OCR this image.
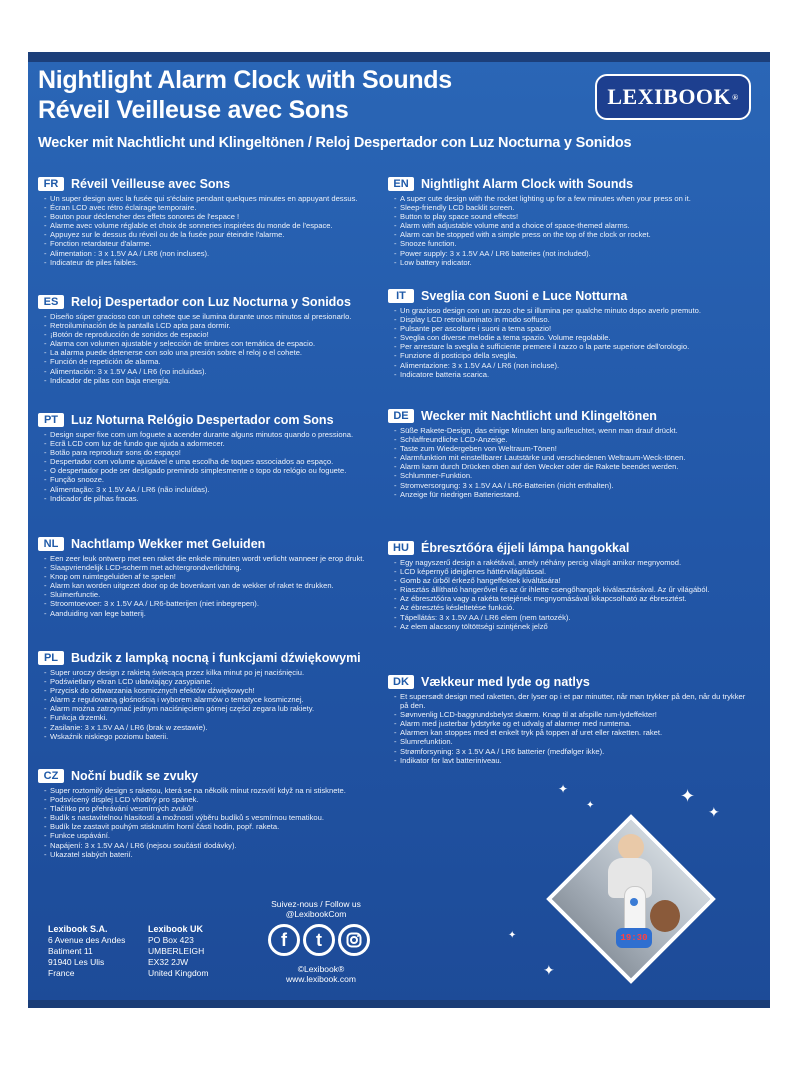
Nightlight Alarm Clock with Sounds
Réveil Veilleuse avec Sons
Wecker mit Nachtlicht und Klingeltönen / Reloj Despertador con Luz Nocturna y Sonidos
LEXIBOOK ®
FR	Réveil Veilleuse avec Sons
- Un super design avec la fusée qui s'éclaire pendant quelques minutes en appuyant dessus.
- Écran LCD avec rétro éclairage temporaire.
- Bouton pour déclencher des effets sonores de l'espace !
- Alarme avec volume réglable et choix de sonneries inspirées du monde de l'espace.
- Appuyez sur le dessus du réveil ou de la fusée pour éteindre l'alarme.
- Fonction retardateur d'alarme.
- Alimentation : 3 x 1.5V AA / LR6 (non incluses).
- Indicateur de piles faibles.
ES	Reloj Despertador con Luz Nocturna y Sonidos
- Diseño súper gracioso con un cohete que se ilumina durante unos minutos al presionarlo.
- Retroiluminación de la pantalla LCD apta para dormir.
- ¡Botón de reproducción de sonidos de espacio!
- Alarma con volumen ajustable y selección de timbres con temática de espacio.
- La alarma puede detenerse con solo una presión sobre el reloj o el cohete.
- Función de repetición de alarma.
- Alimentación: 3 x 1.5V AA / LR6 (no incluidas).
- Indicador de pilas con baja energía.
PT	Luz Noturna Relógio Despertador com Sons
- Design super fixe com um foguete a acender durante alguns minutos quando o pressiona.
- Ecrã LCD com luz de fundo que ajuda a adormecer.
- Botão para reproduzir sons do espaço!
- Despertador com volume ajustável e uma escolha de toques associados ao espaço.
- O despertador pode ser desligado premindo simplesmente o topo do relógio ou foguete.
- Função snooze.
- Alimentação: 3 x 1.5V AA / LR6 (não incluídas).
- Indicador de pilhas fracas.
NL	Nachtlamp Wekker met Geluiden
- Een zeer leuk ontwerp met een raket die enkele minuten wordt verlicht wanneer je erop drukt.
- Slaapvriendelijk LCD-scherm met achtergrondverlichting.
- Knop om ruimtegeluiden af te spelen!
- Alarm kan worden uitgezet door op de bovenkant van de wekker of raket te drukken.
- Sluimerfunctie.
- Stroomtoevoer: 3 x 1.5V AA / LR6-batterijen (niet inbegrepen).
- Aanduiding van lege batterij.
PL	Budzik z lampką nocną i funkcjami dźwiękowymi
- Super uroczy design z rakietą świecącą przez kilka minut po jej naciśnięciu.
- Podświetlany ekran LCD ułatwiający zasypianie.
- Przycisk do odtwarzania kosmicznych efektów dźwiękowych!
- Alarm z regulowaną głośnością i wyborem alarmów o tematyce kosmicznej.
- Alarm można zatrzymać jednym naciśnięciem górnej części zegara lub rakiety.
- Funkcja drzemki.
- Zasilanie: 3 x 1.5V AA / LR6 (brak w zestawie).
- Wskaźnik niskiego poziomu baterii.
CZ	Noční budík se zvuky
- Super roztomilý design s raketou, která se na několik minut rozsvítí když na ni stisknete.
- Podsvícený displej LCD vhodný pro spánek.
- Tlačítko pro přehrávání vesmírných zvuků!
- Budík s nastavitelnou hlasitostí a možností výběru budíků s vesmírnou tematikou.
- Budík lze zastavit pouhým stisknutím horní části hodin, popř. raketa.
- Funkce uspávání.
- Napájení: 3 x 1.5V AA / LR6 (nejsou součástí dodávky).
- Ukazatel slabých baterií.
EN Nightlight Alarm Clock with Sounds
- A super cute design with the rocket lighting up for a few minutes when your press on it.
- Sleep-friendly LCD backlit screen.
- Button to play space sound effects!
- Alarm with adjustable volume and a choice of space-themed alarms.
- Alarm can be stopped with a simple press on the top of the clock or rocket.
- Snooze function.
- Power supply: 3 x 1.5V AA / LR6 batteries (not included).
- Low battery indicator.
IT	Sveglia con Suoni e Luce Notturna
- Un grazioso design con un razzo che si illumina per qualche minuto dopo averlo premuto.
- Display LCD retroilluminato in modo soffuso.
- Pulsante per ascoltare i suoni a tema spazio!
- Sveglia con diverse melodie a tema spazio. Volume regolabile.
- Per arrestare la sveglia è sufficiente premere il razzo o la parte superiore dell'orologio.
- Funzione di posticipo della sveglia.
- Alimentazione: 3 x 1.5V AA / LR6 (non incluse).
- Indicatore batteria scarica.
DE Wecker mit Nachtlicht und Klingeltönen
- Süße Rakete-Design, das einige Minuten lang aufleuchtet, wenn man drauf drückt.
- Schlaffreundliche LCD-Anzeige.
- Taste zum Wiedergeben von Weltraum-Tönen!
- Alarmfunktion mit einstellbarer Lautstärke und verschiedenen Weltraum-Weck-tönen.
- Alarm kann durch Drücken oben auf den Wecker oder die Rakete beendet werden.
- Schlummer-Funktion.
- Stromversorgung: 3 x 1.5V AA / LR6-Batterien (nicht enthalten).
- Anzeige für niedrigen Batteriestand.
HU Ébresztőóra éjjeli lámpa hangokkal
- Egy nagyszerű design a rakétával, amely néhány percig világít amikor megnyomod.
- LCD képernyő ideiglenes háttérvilágítással.
- Gomb az űrből érkező hangeffektek kiváltására!
- Riasztás állítható hangerővel és az űr ihlette csengőhangok kiválasztásával. Az űr világából.
- Az ébresztőóra vagy a rakéta tetejének megnyomásával kikapcsolható az ébresztést.
- Az ébresztés késleltetése funkció.
- Tápellátás: 3 x 1.5V AA / LR6 elem (nem tartozék).
- Az elem alacsony töltöttségi szintjének jelző
DK Vækkeur med lyde og natlys
- Et supersødt design med raketten, der lyser op i et par minutter, når man trykker på den, når du trykker på den.
- Søvnvenlig LCD-baggrundsbelyst skærm. Knap til at afspille rum-lydeffekter!
- Alarm med justerbar lydstyrke og et udvalg af alarmer med rumtema.
- Alarmen kan stoppes med et enkelt tryk på toppen af uret eller raketten. raket.
- Slumrefunktion.
- Strømforsyning: 3 x 1.5V AA / LR6 batterier (medfølger ikke).
- Indikator for lavt batteriniveau.
Lexibook S.A.
6 Avenue des Andes
Batiment 11
91940 Les Ulis
France
Lexibook UK
PO Box 423
UMBERLEIGH
EX32 2JW
United Kingdom
Suivez-nous / Follow us
@LexibookCom
f	t
©Lexibook®
www.lexibook.com
✦
✦	✦
✦
✦
✦
19:30
